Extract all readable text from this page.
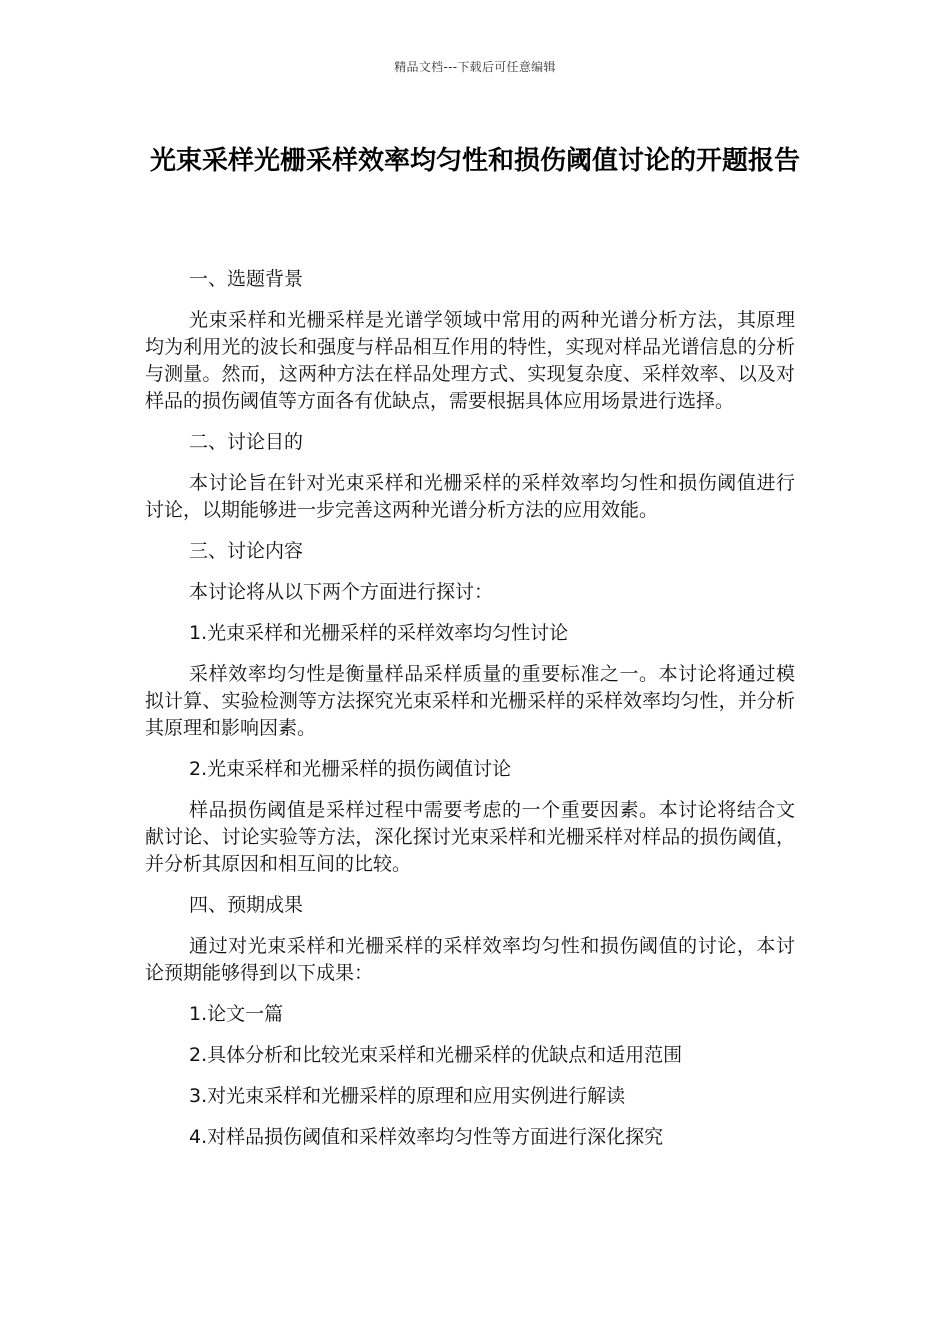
精品文档---下载后可任意编辑
光束采样光栅采样效率均匀性和损伤阈值讨论的开题报告

一、选题背景

光束采样和光栅采样是光谱学领域中常用的两种光谱分析方法，其原理均为利用光的波长和强度与样品相互作用的特性，实现对样品光谱信息的分析与测量。然而，这两种方法在样品处理方式、实现复杂度、采样效率、以及对样品的损伤阈值等方面各有优缺点，需要根据具体应用场景进行选择。

二、讨论目的

本讨论旨在针对光束采样和光栅采样的采样效率均匀性和损伤阈值进行讨论，以期能够进一步完善这两种光谱分析方法的应用效能。

三、讨论内容

本讨论将从以下两个方面进行探讨：

1.光束采样和光栅采样的采样效率均匀性讨论

采样效率均匀性是衡量样品采样质量的重要标准之一。本讨论将通过模拟计算、实验检测等方法探究光束采样和光栅采样的采样效率均匀性，并分析其原理和影响因素。

2.光束采样和光栅采样的损伤阈值讨论

样品损伤阈值是采样过程中需要考虑的一个重要因素。本讨论将结合文献讨论、讨论实验等方法，深化探讨光束采样和光栅采样对样品的损伤阈值，并分析其原因和相互间的比较。

四、预期成果

通过对光束采样和光栅采样的采样效率均匀性和损伤阈值的讨论，本讨论预期能够得到以下成果：

1.论文一篇

2.具体分析和比较光束采样和光栅采样的优缺点和适用范围

3.对光束采样和光栅采样的原理和应用实例进行解读

4.对样品损伤阈值和采样效率均匀性等方面进行深化探究
